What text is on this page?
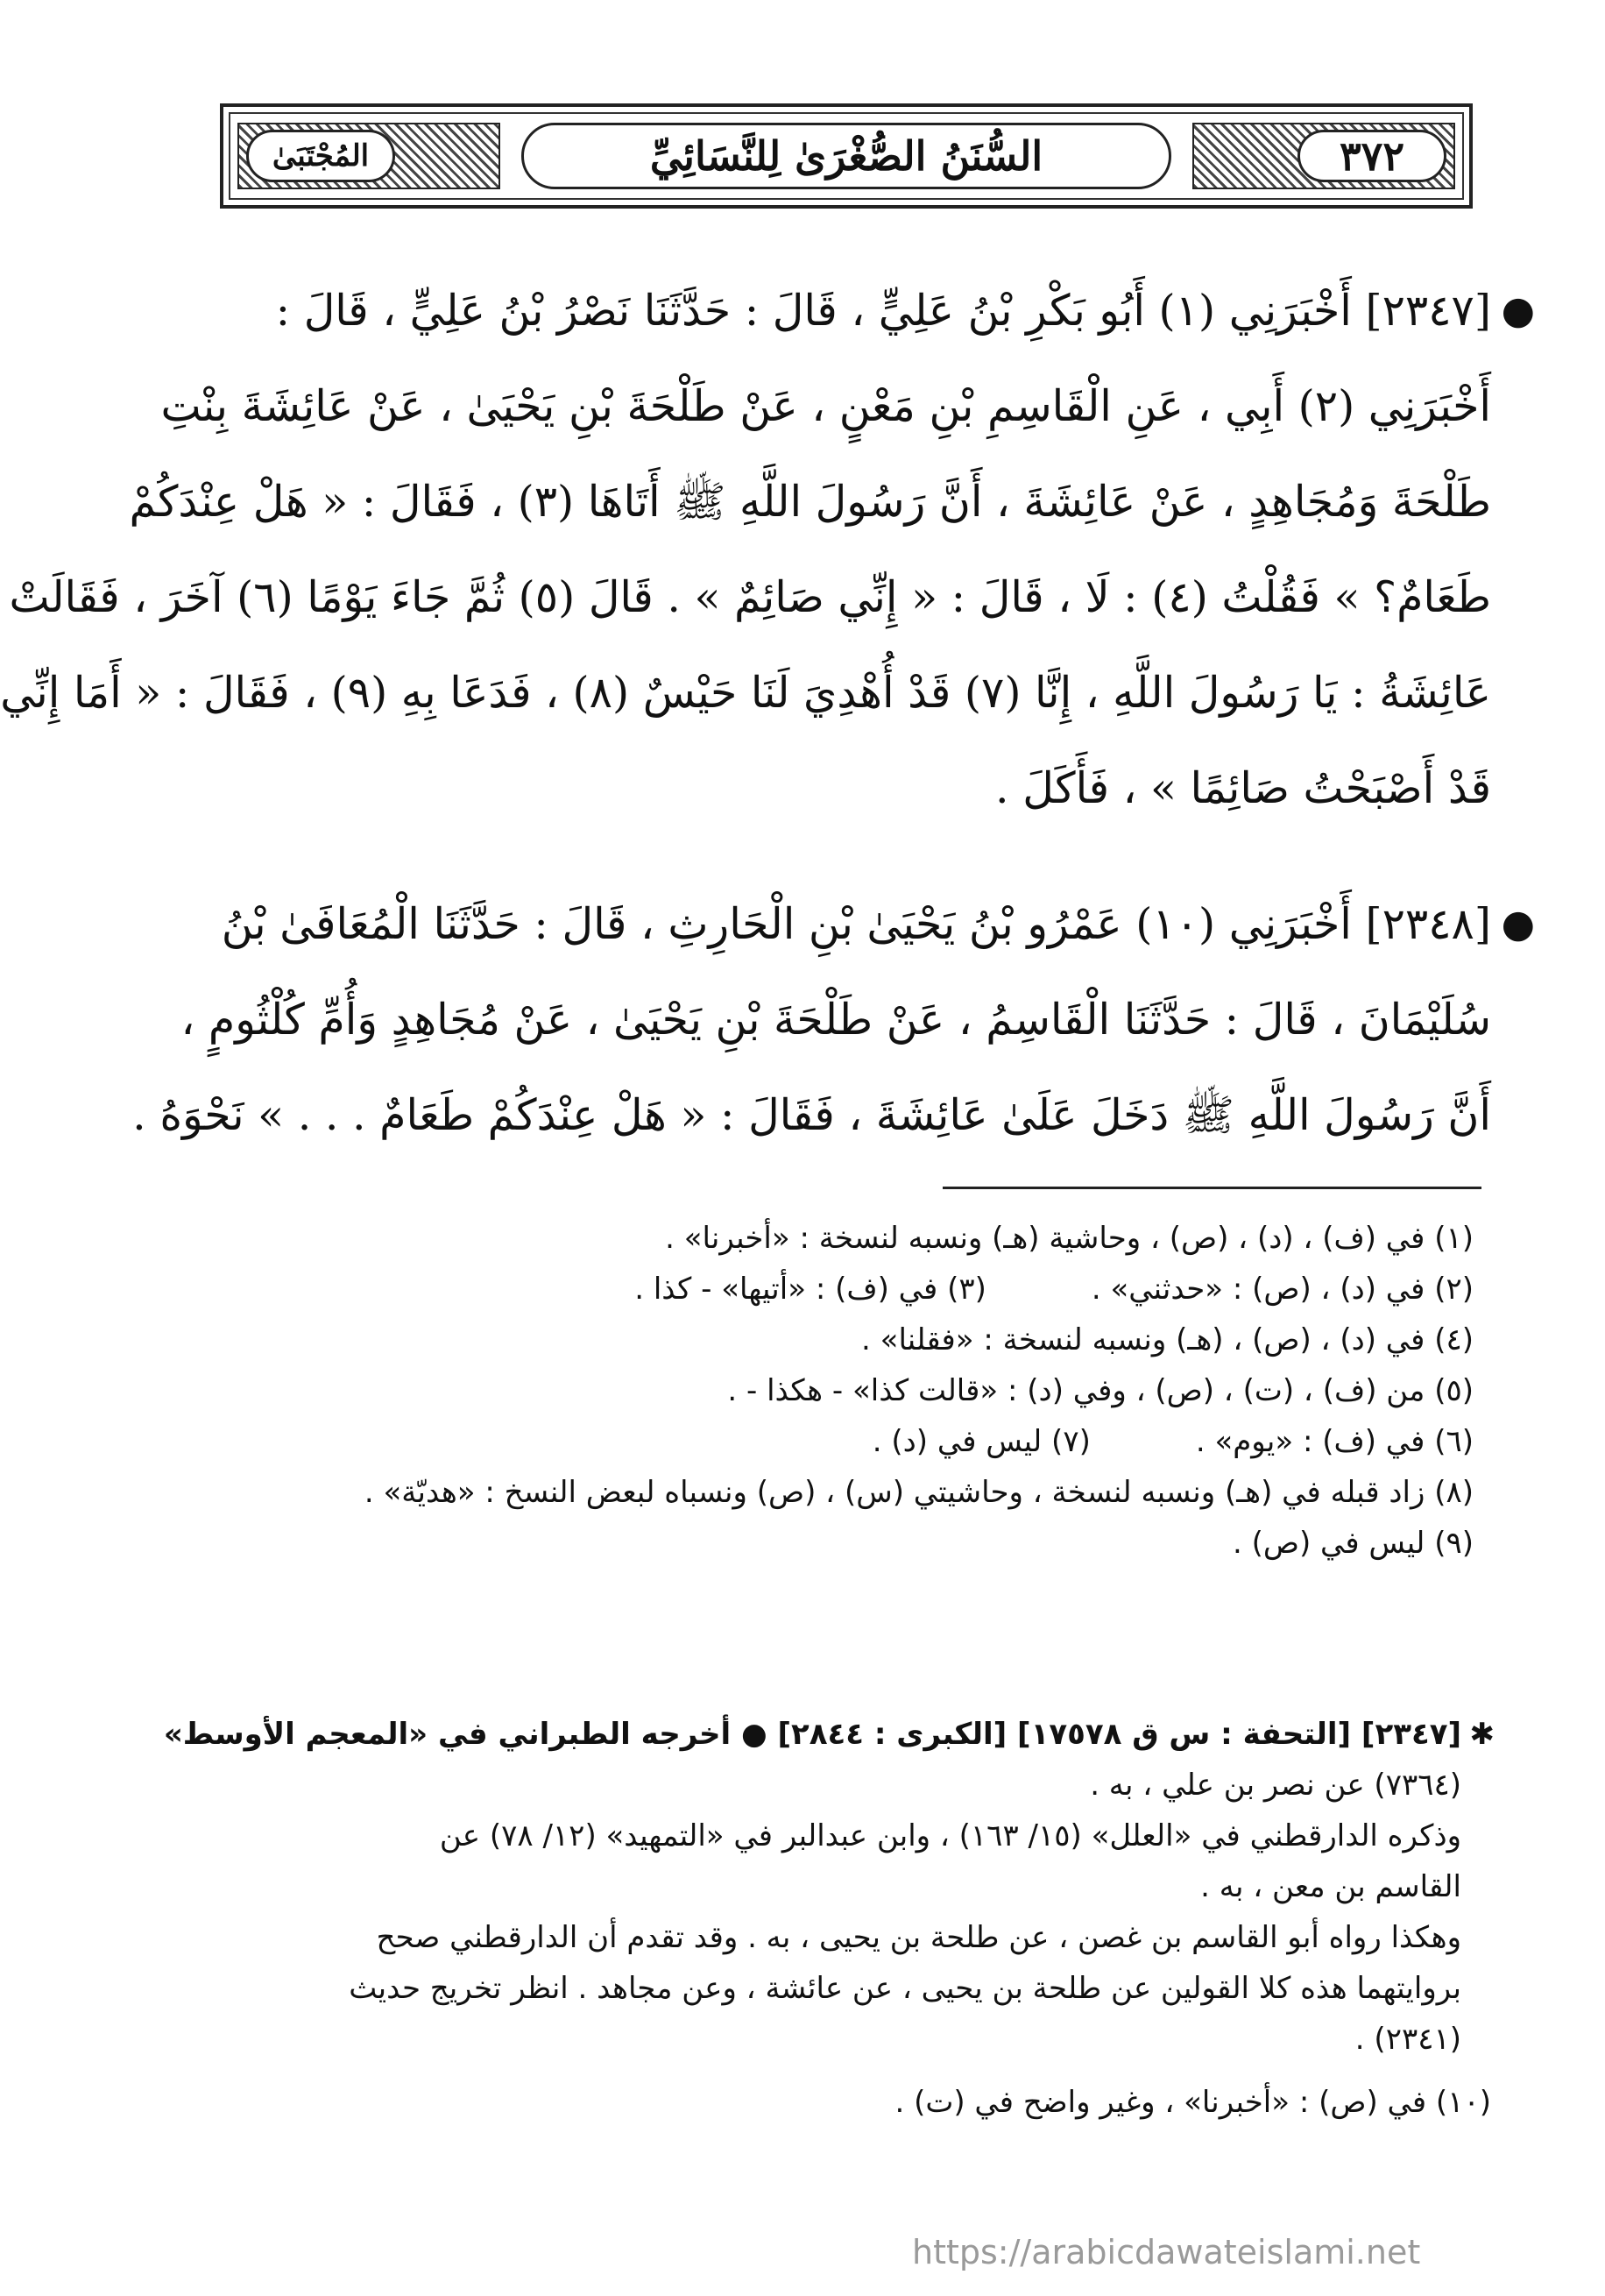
٣٧٢
السُّنَنُ الصُّغْرَىٰ لِلنَّسَائِيِّ
المُجْتَبَىٰ
●
[٢٣٤٧] أَخْبَرَنِي (١) أَبُو بَكْرِ بْنُ عَلِيٍّ ، قَالَ : حَدَّثَنَا نَصْرُ بْنُ عَلِيٍّ ، قَالَ :
أَخْبَرَنِي (٢) أَبِي ، عَنِ الْقَاسِمِ بْنِ مَعْنٍ ، عَنْ طَلْحَةَ بْنِ يَحْيَىٰ ، عَنْ عَائِشَةَ بِنْتِ
طَلْحَةَ وَمُجَاهِدٍ ، عَنْ عَائِشَةَ ، أَنَّ رَسُولَ اللَّهِ ﷺ أَتَاهَا (٣) ، فَقَالَ : « هَلْ عِنْدَكُمْ
طَعَامٌ؟ » فَقُلْتُ (٤) : لَا ، قَالَ : « إِنِّي صَائِمٌ » . قَالَ (٥) ثُمَّ جَاءَ يَوْمًا (٦) آخَرَ ، فَقَالَتْ
عَائِشَةُ : يَا رَسُولَ اللَّهِ ، إِنَّا (٧) قَدْ أُهْدِيَ لَنَا حَيْسٌ (٨) ، فَدَعَا بِهِ (٩) ، فَقَالَ : « أَمَا إِنِّي
قَدْ أَصْبَحْتُ صَائِمًا » ، فَأَكَلَ .
●
[٢٣٤٨] أَخْبَرَنِي (١٠) عَمْرُو بْنُ يَحْيَىٰ بْنِ الْحَارِثِ ، قَالَ : حَدَّثَنَا الْمُعَافَىٰ بْنُ
سُلَيْمَانَ ، قَالَ : حَدَّثَنَا الْقَاسِمُ ، عَنْ طَلْحَةَ بْنِ يَحْيَىٰ ، عَنْ مُجَاهِدٍ وَأُمِّ كُلْثُومٍ ،
أَنَّ رَسُولَ اللَّهِ ﷺ دَخَلَ عَلَىٰ عَائِشَةَ ، فَقَالَ : « هَلْ عِنْدَكُمْ طَعَامٌ . . . » نَحْوَهُ .
(١) في (ف) ، (د) ، (ص) ، وحاشية (هـ) ونسبه لنسخة : «أخبرنا» .
(٢) في (د) ، (ص) : «حدثني» .
(٣) في (ف) : «أتيها» - كذا .
(٤) في (د) ، (ص) ، (هـ) ونسبه لنسخة : «فقلنا» .
(٥) من (ف) ، (ت) ، (ص) ، وفي (د) : «قالت كذا» - هكذا - .
(٦) في (ف) : «يوم» .
(٧) ليس في (د) .
(٨) زاد قبله في (هـ) ونسبه لنسخة ، وحاشيتي (س) ، (ص) ونسباه لبعض النسخ : «هديّة» .
(٩) ليس في (ص) .
✱
[٢٣٤٧] [التحفة : س ق ١٧٥٧٨] [الكبرى : ٢٨٤٤] ● أخرجه الطبراني في «المعجم الأوسط»
(٧٣٦٤) عن نصر بن علي ، به .
وذكره الدارقطني في «العلل» (١٥/ ١٦٣) ، وابن عبدالبر في «التمهيد» (١٢/ ٧٨) عن
القاسم بن معن ، به .
وهكذا رواه أبو القاسم بن غصن ، عن طلحة بن يحيى ، به . وقد تقدم أن الدارقطني صحح
بروايتهما هذه كلا القولين عن طلحة بن يحيى ، عن عائشة ، وعن مجاهد . انظر تخريج حديث
(٢٣٤١) .
(١٠) في (ص) : «أخبرنا» ، وغير واضح في (ت) .
https://arabicdawateislami.net
